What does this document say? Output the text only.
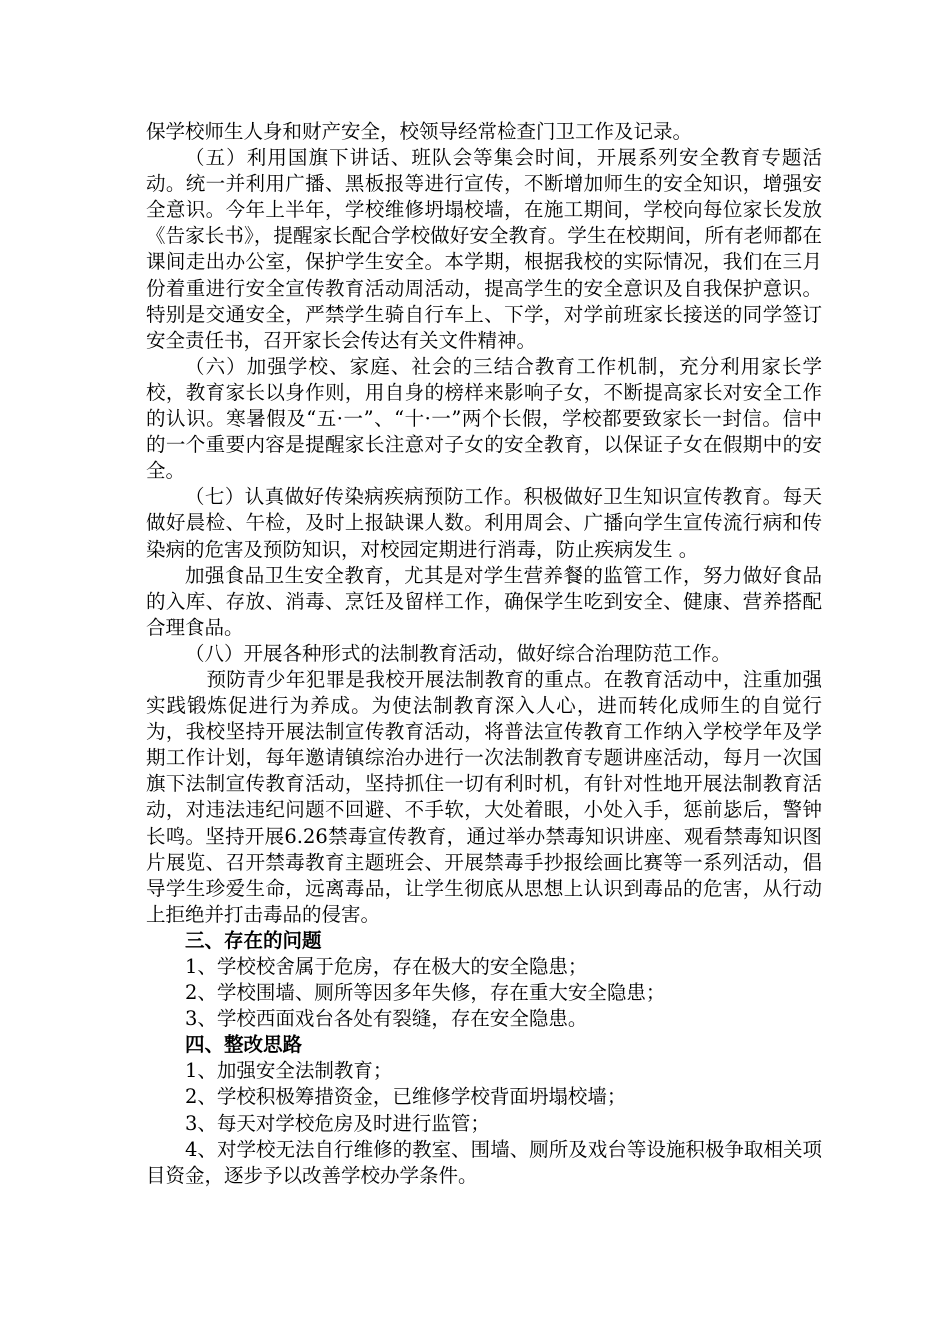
保学校师生人身和财产安全，校领导经常检查门卫工作及记录。

（五）利用国旗下讲话、班队会等集会时间，开展系列安全教育专题活动。统一并利用广播、黑板报等进行宣传，不断增加师生的安全知识，增强安全意识。今年上半年，学校维修坍塌校墙，在施工期间，学校向每位家长发放《告家长书》，提醒家长配合学校做好安全教育。学生在校期间，所有老师都在课间走出办公室，保护学生安全。本学期，根据我校的实际情况，我们在三月份着重进行安全宣传教育活动周活动，提高学生的安全意识及自我保护意识。特别是交通安全，严禁学生骑自行车上、下学，对学前班家长接送的同学签订安全责任书，召开家长会传达有关文件精神。

（六）加强学校、家庭、社会的三结合教育工作机制，充分利用家长学校，教育家长以身作则，用自身的榜样来影响子女，不断提高家长对安全工作的认识。寒暑假及“五·一”、“十·一”两个长假，学校都要致家长一封信。信中的一个重要内容是提醒家长注意对子女的安全教育，以保证子女在假期中的安全。

（七）认真做好传染病疾病预防工作。积极做好卫生知识宣传教育。每天做好晨检、午检，及时上报缺课人数。利用周会、广播向学生宣传流行病和传染病的危害及预防知识，对校园定期进行消毒，防止疾病发生 。

加强食品卫生安全教育，尤其是对学生营养餐的监管工作，努力做好食品的入库、存放、消毒、烹饪及留样工作，确保学生吃到安全、健康、营养搭配合理食品。

（八）开展各种形式的法制教育活动，做好综合治理防范工作。

预防青少年犯罪是我校开展法制教育的重点。在教育活动中，注重加强实践锻炼促进行为养成。为使法制教育深入人心，进而转化成师生的自觉行为，我校坚持开展法制宣传教育活动，将普法宣传教育工作纳入学校学年及学期工作计划，每年邀请镇综治办进行一次法制教育专题讲座活动，每月一次国旗下法制宣传教育活动，坚持抓住一切有利时机，有针对性地开展法制教育活动，对违法违纪问题不回避、不手软，大处着眼，小处入手，惩前毖后，警钟长鸣。坚持开展6.26禁毒宣传教育，通过举办禁毒知识讲座、观看禁毒知识图片展览、召开禁毒教育主题班会、开展禁毒手抄报绘画比赛等一系列活动，倡导学生珍爱生命，远离毒品，让学生彻底从思想上认识到毒品的危害，从行动上拒绝并打击毒品的侵害。

三、存在的问题

1、学校校舍属于危房，存在极大的安全隐患；

2、学校围墙、厕所等因多年失修，存在重大安全隐患；

3、学校西面戏台各处有裂缝，存在安全隐患。

四、整改思路

1、加强安全法制教育；

2、学校积极筹措资金，已维修学校背面坍塌校墙；

3、每天对学校危房及时进行监管；

4、对学校无法自行维修的教室、围墙、厕所及戏台等设施积极争取相关项目资金，逐步予以改善学校办学条件。
